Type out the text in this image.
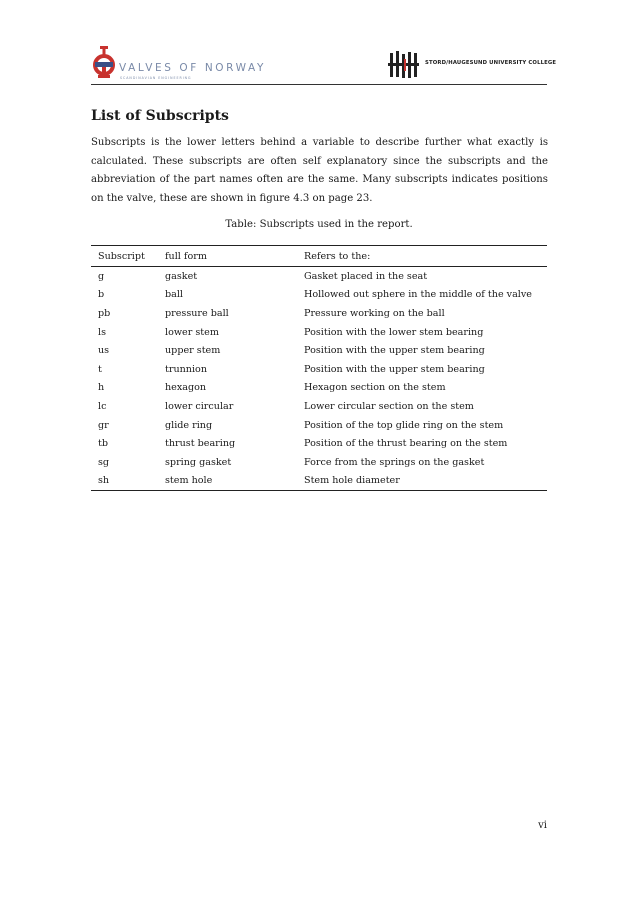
VALVES OF NORWAY
SCANDINAVIAN ENGINEERING
STORD/HAUGESUND UNIVERSITY COLLEGE
List of Subscripts
Subscripts is the lower letters behind a variable to describe further what exactly is calculated. These subscripts are often self explanatory since the subscripts and the abbreviation of the part names often are the same. Many subscripts indicates positions on the valve, these are shown in figure 4.3 on page 23.
Table: Subscripts used in the report.
Subscript	full form	Refers to the:
g	gasket	Gasket placed in the seat
b	ball	Hollowed out sphere in the middle of the valve
pb	pressure ball	Pressure working on the ball
ls	lower stem	Position with the lower stem bearing
us	upper stem	Position with the upper stem bearing
t	trunnion	Position with the upper stem bearing
h	hexagon	Hexagon section on the stem
lc	lower circular	Lower circular section on the stem
gr	glide ring	Position of the top glide ring on the stem
tb	thrust bearing	Position of the thrust bearing on the stem
sg	spring gasket	Force from the springs on the gasket
sh	stem hole	Stem hole diameter
vi
